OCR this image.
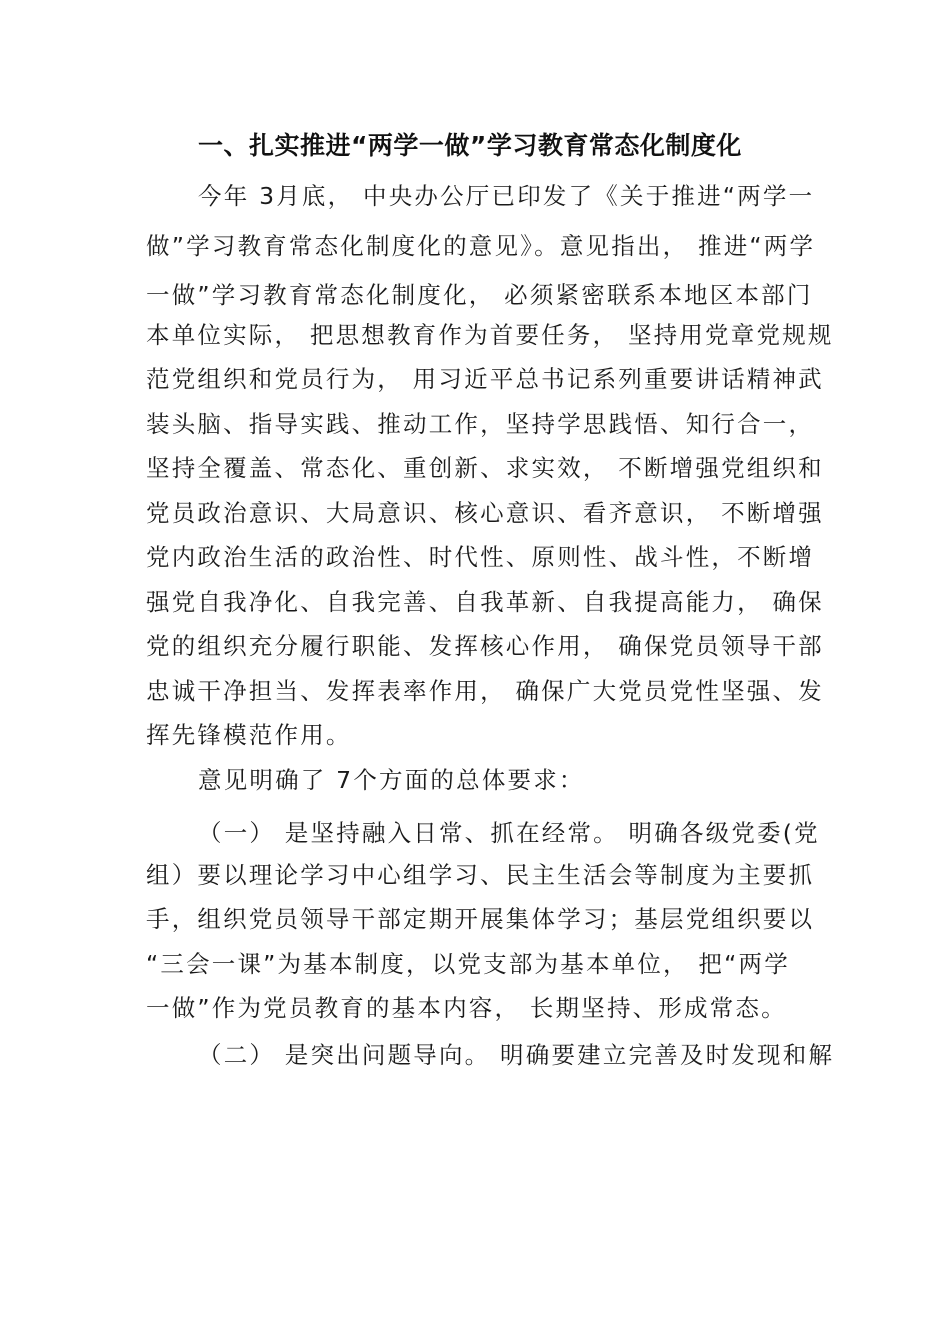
一、扎实推进“两学一做”学习教育常态化制度化
今年 3月底， 中央办公厅已印发了《关于推进“两学一
做”学习教育常态化制度化的意见》。意见指出， 推进“两学
一做”学习教育常态化制度化， 必须紧密联系本地区本部门
本单位实际， 把思想教育作为首要任务， 坚持用党章党规规
范党组织和党员行为， 用习近平总书记系列重要讲话精神武
装头脑、指导实践、推动工作，坚持学思践悟、知行合一，
坚持全覆盖、常态化、重创新、求实效， 不断增强党组织和
党员政治意识、大局意识、核心意识、看齐意识， 不断增强
党内政治生活的政治性、时代性、原则性、战斗性，不断增
强党自我净化、自我完善、自我革新、自我提高能力， 确保
党的组织充分履行职能、发挥核心作用， 确保党员领导干部
忠诚干净担当、发挥表率作用， 确保广大党员党性坚强、发
挥先锋模范作用。
意见明确了 7个方面的总体要求：
（一） 是坚持融入日常、抓在经常。 明确各级党委(党
组）要以理论学习中心组学习、民主生活会等制度为主要抓
手，组织党员领导干部定期开展集体学习；基层党组织要以
“三会一课”为基本制度，以党支部为基本单位， 把“两学
一做”作为党员教育的基本内容， 长期坚持、形成常态。
（二） 是突出问题导向。 明确要建立完善及时发现和解
